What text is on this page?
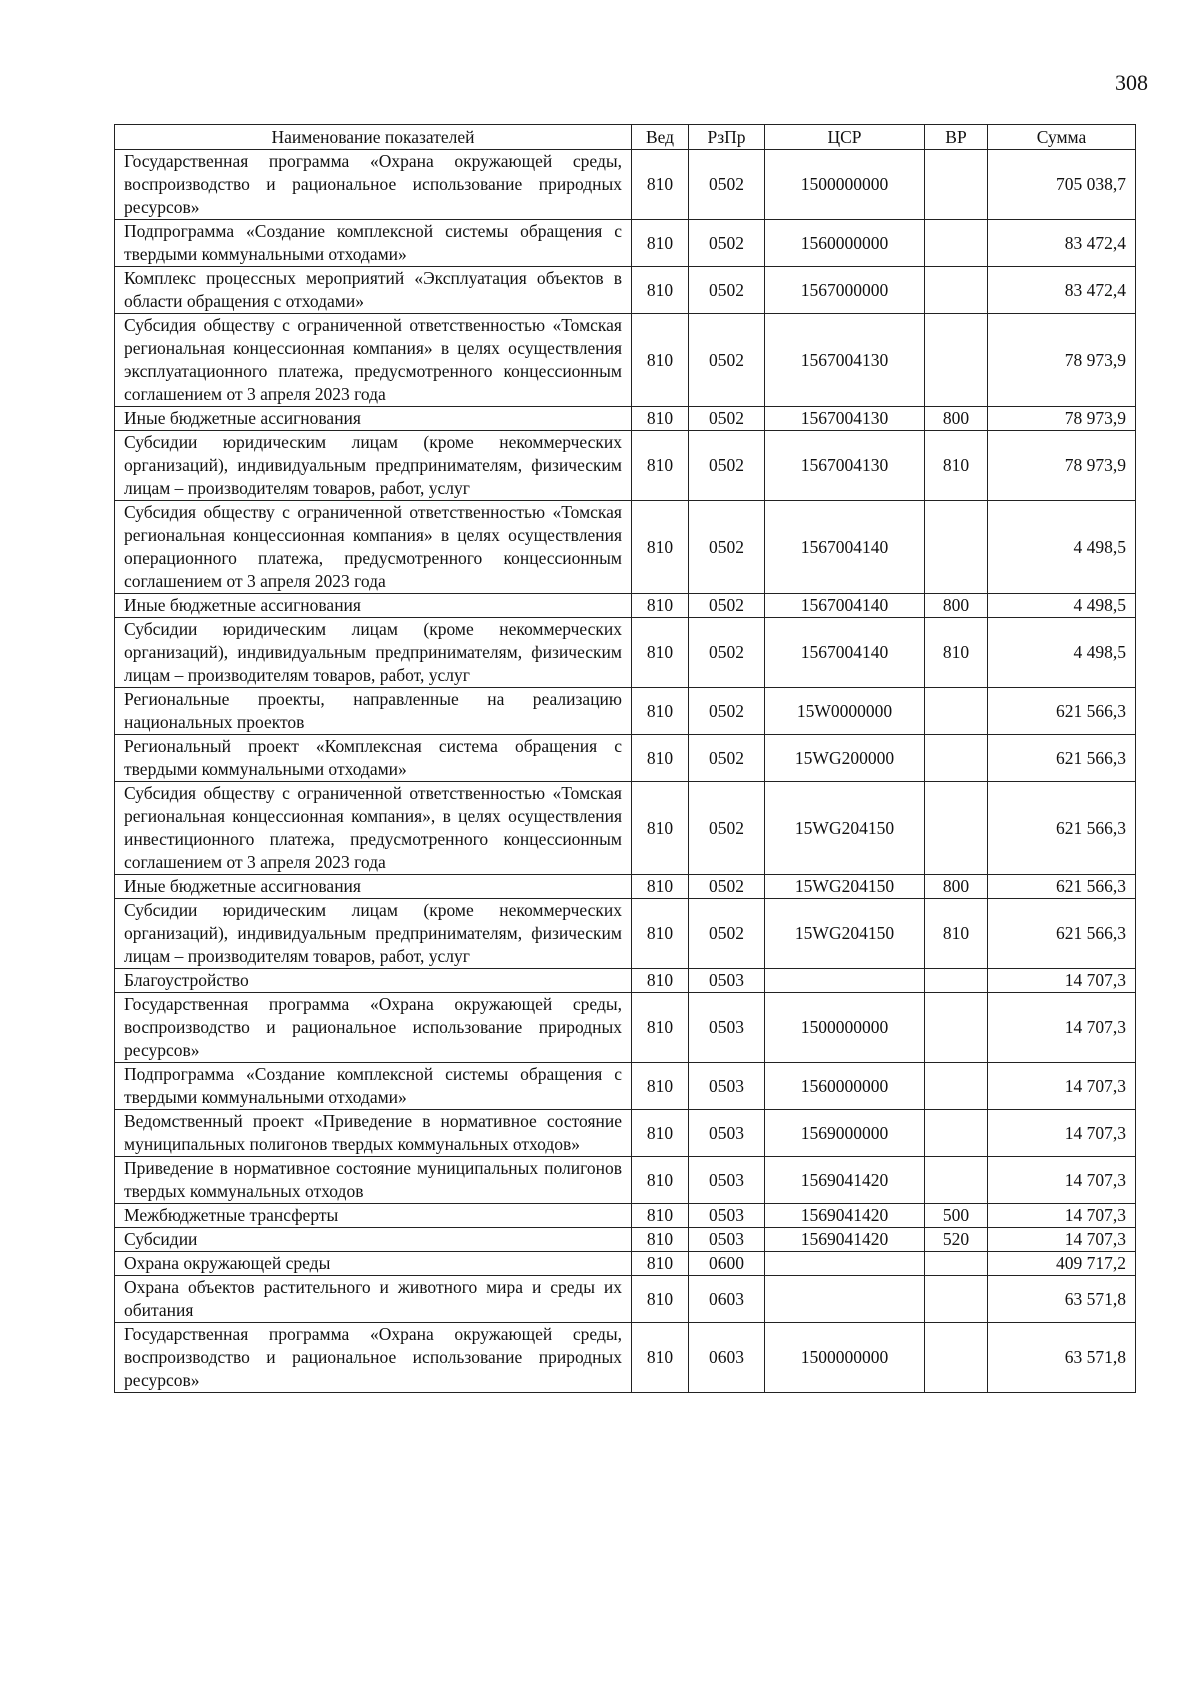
308
Наименование показателей	Вед	РзПр	ЦСР	ВР	Сумма
Государственная программа «Охрана окружающей среды, воспроизводство и рациональное использование природных ресурсов»	810	0502	1500000000		705 038,7
Подпрограмма «Создание комплексной системы обращения с твердыми коммунальными отходами»	810	0502	1560000000		83 472,4
Комплекс процессных мероприятий «Эксплуатация объектов в области обращения с отходами»	810	0502	1567000000		83 472,4
Субсидия обществу с ограниченной ответственностью «Томская региональная концессионная компания» в целях осуществления эксплуатационного платежа, предусмотренного концессионным соглашением от 3 апреля 2023 года	810	0502	1567004130		78 973,9
Иные бюджетные ассигнования	810	0502	1567004130	800	78 973,9
Субсидии юридическим лицам (кроме некоммерческих организаций), индивидуальным предпринимателям, физическим лицам – производителям товаров, работ, услуг	810	0502	1567004130	810	78 973,9
Субсидия обществу с ограниченной ответственностью «Томская региональная концессионная компания» в целях осуществления операционного платежа, предусмотренного концессионным соглашением от 3 апреля 2023 года	810	0502	1567004140		4 498,5
Иные бюджетные ассигнования	810	0502	1567004140	800	4 498,5
Субсидии юридическим лицам (кроме некоммерческих организаций), индивидуальным предпринимателям, физическим лицам – производителям товаров, работ, услуг	810	0502	1567004140	810	4 498,5
Региональные проекты, направленные на реализацию национальных проектов	810	0502	15W0000000		621 566,3
Региональный проект «Комплексная система обращения с твердыми коммунальными отходами»	810	0502	15WG200000		621 566,3
Субсидия обществу с ограниченной ответственностью «Томская региональная концессионная компания», в целях осуществления инвестиционного платежа, предусмотренного концессионным соглашением от 3 апреля 2023 года	810	0502	15WG204150		621 566,3
Иные бюджетные ассигнования	810	0502	15WG204150	800	621 566,3
Субсидии юридическим лицам (кроме некоммерческих организаций), индивидуальным предпринимателям, физическим лицам – производителям товаров, работ, услуг	810	0502	15WG204150	810	621 566,3
Благоустройство	810	0503			14 707,3
Государственная программа «Охрана окружающей среды, воспроизводство и рациональное использование природных ресурсов»	810	0503	1500000000		14 707,3
Подпрограмма «Создание комплексной системы обращения с твердыми коммунальными отходами»	810	0503	1560000000		14 707,3
Ведомственный проект «Приведение в нормативное состояние муниципальных полигонов твердых коммунальных отходов»	810	0503	1569000000		14 707,3
Приведение в нормативное состояние муниципальных полигонов твердых коммунальных отходов	810	0503	1569041420		14 707,3
Межбюджетные трансферты	810	0503	1569041420	500	14 707,3
Субсидии	810	0503	1569041420	520	14 707,3
Охрана окружающей среды	810	0600			409 717,2
Охрана объектов растительного и животного мира и среды их обитания	810	0603			63 571,8
Государственная программа «Охрана окружающей среды, воспроизводство и рациональное использование природных ресурсов»	810	0603	1500000000		63 571,8
